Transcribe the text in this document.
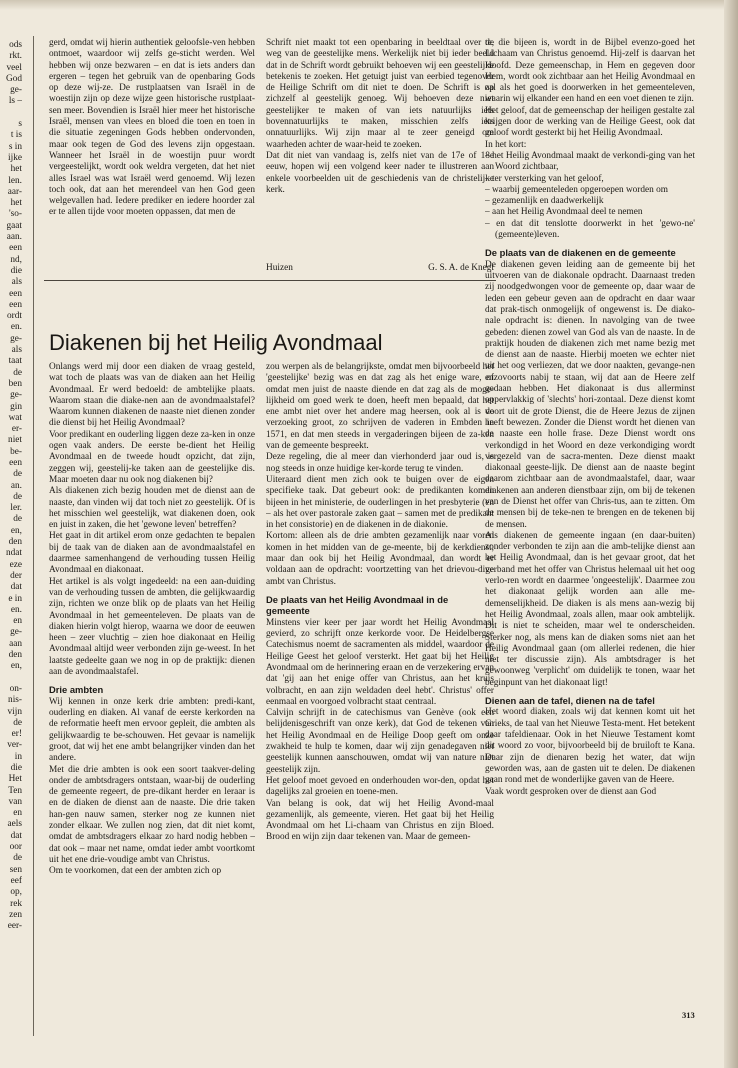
ods
rkt.
veel
God
ge-
ls –
s
t is
s in
ijke
het
len.
aar-
het
'so-
gaat
aan.
een
nd,
die
als
een
een
ordt
en.
ge-
als
taat
de
ben
ge-
gin
wat
er-
niet
be-
een
de
an.
de
ler.
de
en,
den
ndat
eze
der
dat
e in
en.
en
ge-
aan
den
en,
on-
nis-
vijn
de
er!
ver-
in
die
Het
Ten
van
en
aels
dat
oor
de
sen
eef
op,
rek
zen
eer-

gerd, omdat wij hierin authentiek geloofsle-ven hebben ontmoet, waardoor wij zelfs ge-sticht werden. Wel hebben wij onze bezwaren – en dat is iets anders dan ergeren – tegen het gebruik van de openbaring Gods op deze wij-ze. De rustplaatsen van Israël in de woestijn zijn op deze wijze geen historische rustplaat-sen meer. Bovendien is Israël hier meer het historische Israël, mensen van vlees en bloed die toen en toen in die situatie zegeningen Gods hebben ondervonden, maar ook tegen de God des levens zijn opgestaan. Wanneer het Israël in de woestijn puur wordt vergeestelijkt, wordt ook weldra vergeten, dat het niet alles Israel was wat Israël werd genoemd. Wij lezen toch ook, dat aan het merendeel van hen God geen welgevallen had. Iedere prediker en iedere hoorder zal er te allen tijde voor moeten oppassen, dat men de

Schrift niet maakt tot een openbaring in beeldtaal over de weg van de geestelijke mens. Werkelijk niet bij ieder beeld dat in de Schrift wordt gebruikt behoeven wij een geestelijke betekenis te zoeken. Het getuigt juist van eerbied tegenover de Heilige Schrift om dit niet te doen. De Schrift is op zichzelf al geestelijk genoeg. Wij behoeven deze niet geestelijker te maken of van iets natuurlijks iets bovennatuurlijks te maken, misschien zelfs iets onnatuurlijks. Wij zijn maar al te zeer geneigd om waarheden achter de waar-heid te zoeken.

Dat dit niet van vandaag is, zelfs niet van de 17e of 18e eeuw, hopen wij een volgend keer nader te illustreren aan enkele voorbeelden uit de geschiedenis van de christelijke kerk.

Huizen	G. S. A. de Knegt
Diakenen bij het Heilig Avondmaal

Onlangs werd mij door een diaken de vraag gesteld, wat toch de plaats was van de diaken aan het Heilig Avondmaal. Er werd bedoeld: de ambtelijke plaats. Waarom staan die diake-nen aan de avondmaalstafel? Waarom kunnen diakenen de naaste niet dienen zonder die dienst bij het Heilig Avondmaal?

Voor predikant en ouderling liggen deze za-ken in onze ogen vaak anders. De eerste be-dient het Heilig Avondmaal en de tweede houdt opzicht, dat zijn, zeggen wij, geestelij-ke taken aan de geestelijke dis. Maar moeten daar nu ook nog diakenen bij?

Als diakenen zich bezig houden met de dienst aan de naaste, dan vinden wij dat toch niet zo geestelijk. Of is het misschien wel geestelijk, wat diakenen doen, ook en juist in zaken, die het 'gewone leven' betreffen?

Het gaat in dit artikel erom onze gedachten te bepalen bij de taak van de diaken aan de avondmaalstafel en daarmee samenhangend de verhouding tussen Heilig Avondmaal en diakonaat.

Het artikel is als volgt ingedeeld: na een aan-duiding van de verhouding tussen de ambten, die gelijkwaardig zijn, richten we onze blik op de plaats van het Heilig Avondmaal in het gemeenteleven. De plaats van de diaken hierin volgt hierop, waarna we door de eeuwen heen – zeer vluchtig – zien hoe diakonaat en Heilig Avondmaal altijd weer verbonden zijn ge-weest. In het laatste gedeelte gaan we nog in op de praktijk: dienen aan de avondmaalstafel.

Drie ambten

Wij kennen in onze kerk drie ambten: predi-kant, ouderling en diaken. Al vanaf de eerste kerkorden na de reformatie heeft men ervoor gepleit, die ambten als gelijkwaardig te be-schouwen. Het gevaar is namelijk groot, dat wij het ene ambt belangrijker vinden dan het andere.

Met die drie ambten is ook een soort taakver-deling onder de ambtsdragers ontstaan, waar-bij de ouderling de gemeente regeert, de pre-dikant herder en leraar is en de diaken de dienst aan de naaste. Die drie taken han-gen nauw samen, sterker nog ze kunnen niet zonder elkaar. We zullen nog zien, dat dit niet komt, omdat de ambtsdragers elkaar zo hard nodig hebben – dat ook – maar net name, omdat ieder ambt voortkomt uit het ene drie-voudige ambt van Christus.

Om te voorkomen, dat een der ambten zich op

zou werpen als de belangrijkste, omdat men bijvoorbeeld het 'geestelijke' bezig was en dat zag als het enige ware, of omdat men juist de naaste diende en dat zag als de moge-lijkheid om goed werk te doen, heeft men bepaald, dat het ene ambt niet over het andere mag heersen, ook al is de verzoeking groot, zo schrijven de vaderen in Embden in 1571, en dat men steeds in vergaderingen bijeen de za-ken van de gemeente bespreekt.

Deze regeling, die al meer dan vierhonderd jaar oud is, is nog steeds in onze huidige ker-korde terug te vinden.

Uiteraard dient men zich ook te buigen over de eigen specifieke taak. Dat gebeurt ook: de predikanten komen bijeen in het ministerie, de ouderlingen in het presbyterie (en – als het over pastorale zaken gaat – samen met de predikant in het consistorie) en de diakenen in de diakonie.

Kortom: alleen als de drie ambten gezamenlijk naar voren komen in het midden van de ge-meente, bij de kerkdienst, maar dan ook bij het Heilig Avondmaal, dan wordt er voldaan aan de opdracht: voortzetting van het drievou-dige ambt van Christus.

De plaats van het Heilig Avondmaal in de gemeente

Minstens vier keer per jaar wordt het Heilig Avondmaal gevierd, zo schrijft onze kerkorde voor. De Heidelbergse Catechismus noemt de sacramenten als middel, waardoor de Heilige Geest het geloof versterkt. Het gaat bij het Heilig Avondmaal om de herinnering eraan en de verzekering ervan dat 'gij aan het enige offer van Christus, aan het kruis volbracht, en aan zijn weldaden deel hebt'. Christus' offer eenmaal en voorgoed volbracht staat centraal.

Calvijn schrijft in de catechismus van Genève (ook een belijdenisgeschrift van onze kerk), dat God de tekenen van het Heilig Avondmaal en de Heilige Doop geeft om onze zwakheid te hulp te komen, daar wij zijn genadegaven niet geestelijk kunnen aanschouwen, omdat wij van nature niet geestelijk zijn.

Het geloof moet gevoed en onderhouden wor-den, opdat het dagelijks zal groeien en toene-men.

Van belang is ook, dat wij het Heilig Avond-maal gezamenlijk, als gemeente, vieren. Het gaat bij het Heilig Avondmaal om het Li-chaam van Christus en zijn Bloed. Brood en wijn zijn daar tekenen van. Maar de gemeen-

te, die bijeen is, wordt in de Bijbel evenzo-goed het Lichaam van Christus genoemd. Hij-zelf is daarvan het Hoofd. Deze gemeenschap, in Hem en gegeven door Hem, wordt ook zichtbaar aan het Heilig Avondmaal en zal als het goed is doorwerken in het gemeenteleven, waarin wij elkander een hand en een voet dienen te zijn.

Het geloof, dat de gemeenschap der heiligen gestalte zal krijgen door de werking van de Heilige Geest, ook dat geloof wordt gesterkt bij het Heilig Avondmaal.

In het kort:

– het Heilig Avondmaal maakt de verkondi-ging van het Woord zichtbaar,
– ter versterking van het geloof,
– waarbij gemeenteleden opgeroepen worden om
– gezamenlijk en daadwerkelijk
– aan het Heilig Avondmaal deel te nemen
– en dat dit tenslotte doorwerkt in het 'gewo-ne' (gemeente)leven.
De plaats van de diakenen en de gemeente

De diakenen geven leiding aan de gemeente bij het uitvoeren van de diakonale opdracht. Daarnaast treden zij noodgedwongen voor de gemeente op, daar waar de leden een gebeur geven aan de opdracht en daar waar dat prak-tisch onmogelijk of ongewenst is. De diako-nale opdracht is: dienen. In navolging van de twee gebeden: dienen zowel van God als van de naaste. In de praktijk houden de diakenen zich met name bezig met de dienst aan de naaste. Hierbij moeten we echter niet uit het oog verliezen, dat we door naakten, gevange-nen enzovoorts nabij te staan, wij dat aan de Heere zelf gedaan hebben. Het diakonaat is dus allerminst oppervlakkig of 'slechts' hori-zontaal. Deze dienst komt voort uit de grote Dienst, die de Heere Jezus de zijnen heeft bewezen. Zonder die Dienst wordt het dienen van de naaste een holle frase. Deze Dienst wordt ons verkondigd in het Woord en deze verkondiging wordt vergezeld van de sacra-menten. Deze dienst maakt diakonaal geeste-lijk. De dienst aan de naaste begint daarom zichtbaar aan de avondmaalstafel, daar, waar diakenen aan anderen dienstbaar zijn, om bij de tekenen van de Dienst het offer van Chris-tus, aan te zitten. Om de mensen bij de teke-nen te brengen en de tekenen bij de mensen.

Als diakenen de gemeente ingaan (en daar-buiten) zonder verbonden te zijn aan die amb-telijke dienst aan het Heilig Avondmaal, dan is het gevaar groot, dat het verband met het offer van Christus helemaal uit het oog verlo-ren wordt en daarmee 'ongeestelijk'. Daarmee zou het diakonaat gelijk worden aan alle me-demenselijkheid. De diaken is als mens aan-wezig bij het Heilig Avondmaal, zoals allen, maar ook ambtelijk. Dit is niet te scheiden, maar wel te onderscheiden. Sterker nog, als mens kan de diaken soms niet aan het Heilig Avondmaal gaan (om allerlei redenen, die hier niet ter discussie zijn). Als ambtsdrager is het gewoonweg 'verplicht' om duidelijk te tonen, waar het beginpunt van het diakonaat ligt!

Dienen aan de tafel, dienen na de tafel

Het woord diaken, zoals wij dat kennen komt uit het Grieks, de taal van het Nieuwe Testa-ment. Het betekent daar tafeldienaar. Ook in het Nieuwe Testament komt dit woord zo voor, bijvoorbeeld bij de bruiloft te Kana. Daar zijn de dienaren bezig het water, dat wijn geworden was, aan de gasten uit te delen. De diakenen gaan rond met de wonderlijke gaven van de Heere.

Vaak wordt gesproken over de dienst aan God

313
